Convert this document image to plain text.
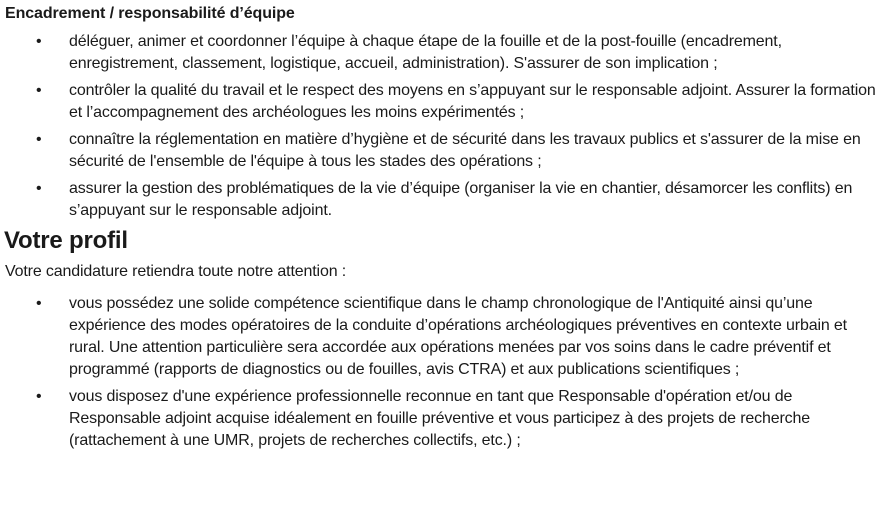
Encadrement / responsabilité d’équipe
• déléguer, animer et coordonner l’équipe à chaque étape de la fouille et de la post-fouille (encadrement, enregistrement, classement, logistique, accueil, administration). S'assurer de son implication ;
• contrôler la qualité du travail et le respect des moyens en s’appuyant sur le responsable adjoint. Assurer la formation et l’accompagnement des archéologues les moins expérimentés ;
• connaître la réglementation en matière d’hygiène et de sécurité dans les travaux publics et s'assurer de la mise en sécurité de l'ensemble de l'équipe à tous les stades des opérations ;
• assurer la gestion des problématiques de la vie d’équipe (organiser la vie en chantier, désamorcer les conflits) en s’appuyant sur le responsable adjoint.
Votre profil
Votre candidature retiendra toute notre attention :
• vous possédez une solide compétence scientifique dans le champ chronologique de l'Antiquité ainsi qu’une expérience des modes opératoires de la conduite d’opérations archéologiques préventives en contexte urbain et rural. Une attention particulière sera accordée aux opérations menées par vos soins dans le cadre préventif et programmé (rapports de diagnostics ou de fouilles, avis CTRA) et aux publications scientifiques ;
• vous disposez d'une expérience professionnelle reconnue en tant que Responsable d'opération et/ou de Responsable adjoint acquise idéalement en fouille préventive et vous participez à des projets de recherche (rattachement à une UMR, projets de recherches collectifs, etc.) ;
